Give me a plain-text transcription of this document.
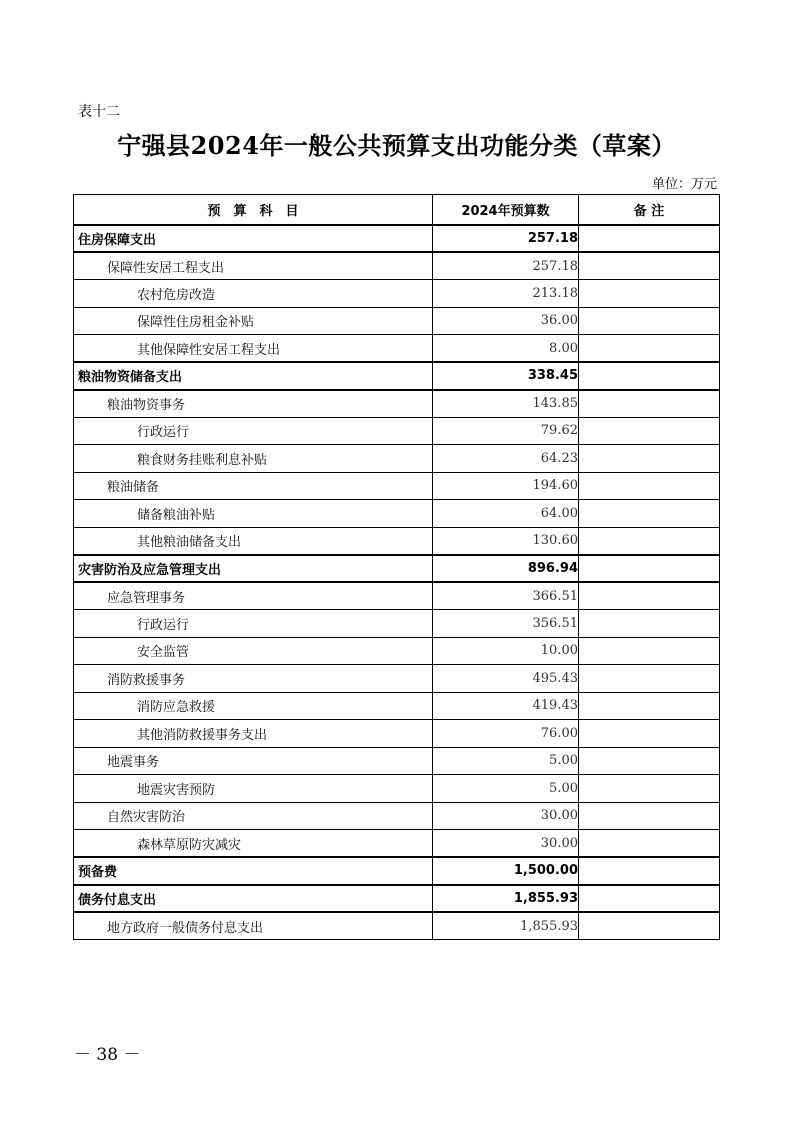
表十二
宁强县2024年一般公共预算支出功能分类（草案）
单位：万元
预　算　科　目	2024年预算数	备 注
住房保障支出	257.18	
保障性安居工程支出	257.18	
农村危房改造	213.18	
保障性住房租金补贴	36.00	
其他保障性安居工程支出	8.00	
粮油物资储备支出	338.45	
粮油物资事务	143.85	
行政运行	79.62	
粮食财务挂账利息补贴	64.23	
粮油储备	194.60	
储备粮油补贴	64.00	
其他粮油储备支出	130.60	
灾害防治及应急管理支出	896.94	
应急管理事务	366.51	
行政运行	356.51	
安全监管	10.00	
消防救援事务	495.43	
消防应急救援	419.43	
其他消防救援事务支出	76.00	
地震事务	5.00	
地震灾害预防	5.00	
自然灾害防治	30.00	
森林草原防灾减灾	30.00	
预备费	1,500.00	
债务付息支出	1,855.93	
地方政府一般债务付息支出	1,855.93	
－ 38 －
